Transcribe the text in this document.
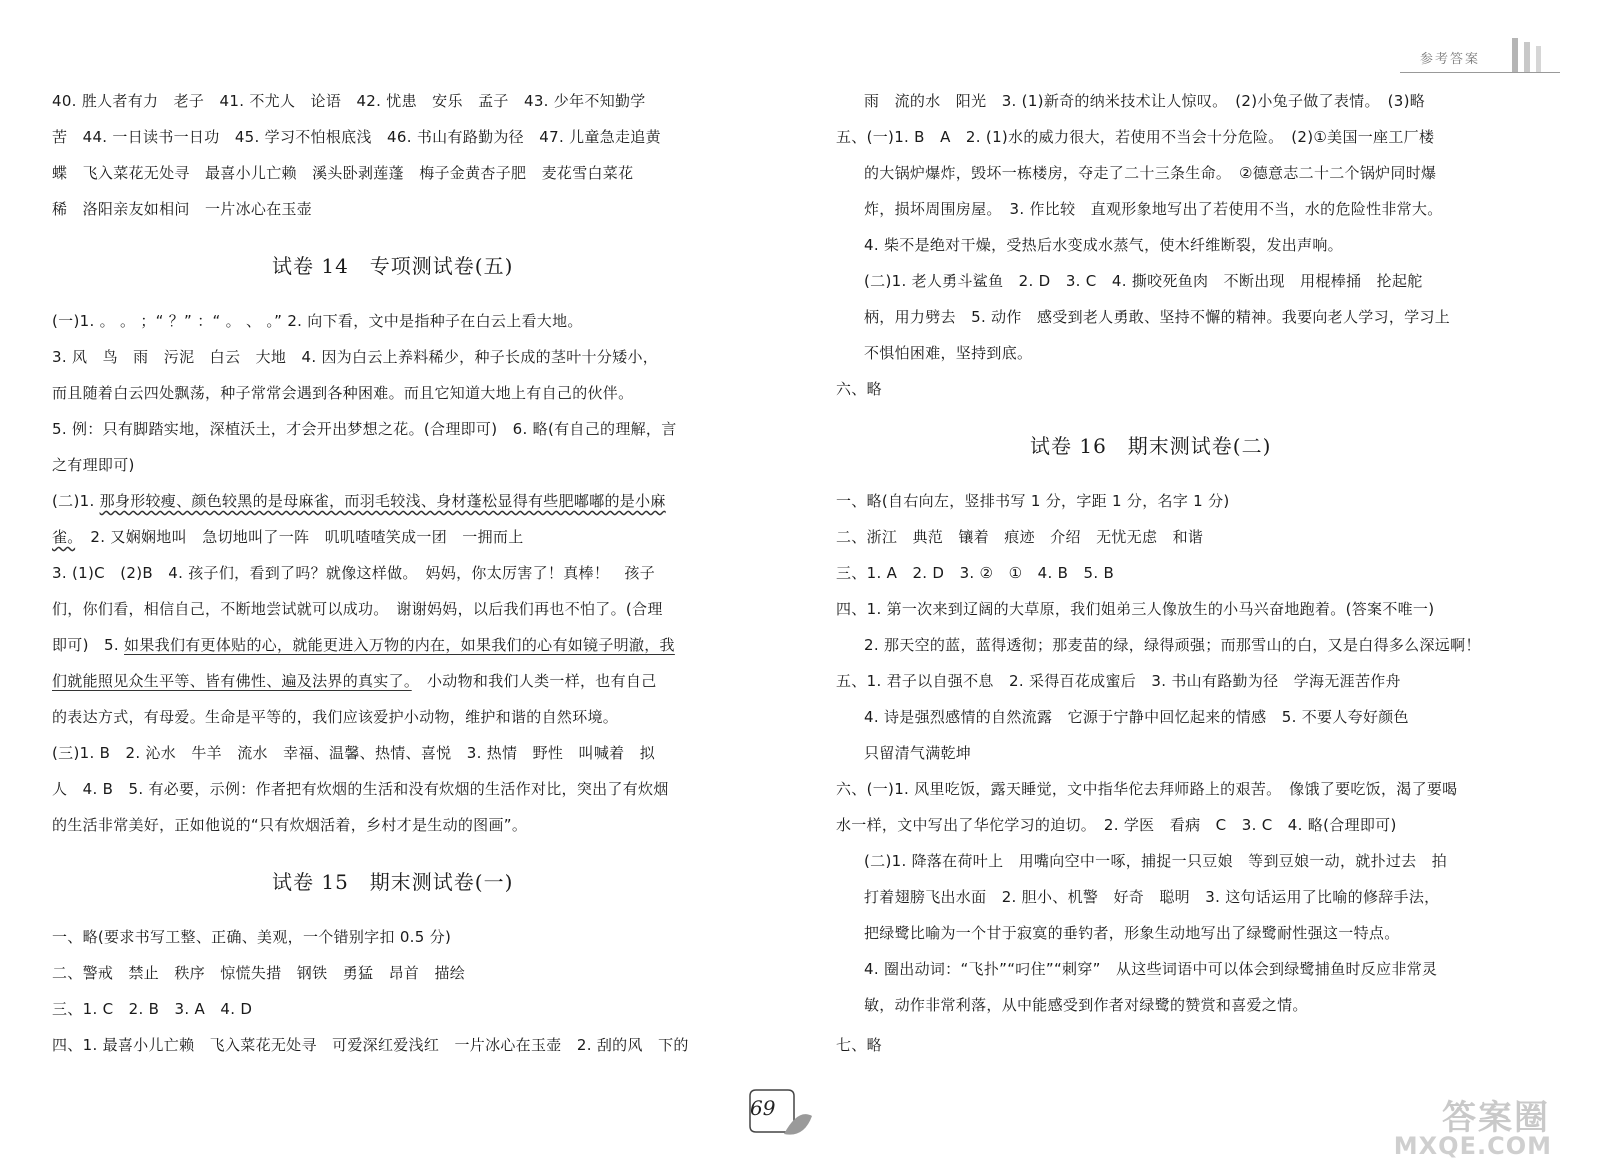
参考答案
40. 胜人者有力　老子　41. 不尤人　论语　42. 忧患　安乐　孟子　43. 少年不知勤学
苦　44. 一日读书一日功　45. 学习不怕根底浅　46. 书山有路勤为径　47. 儿童急走追黄
蝶　飞入菜花无处寻　最喜小儿亡赖　溪头卧剥莲蓬　梅子金黄杏子肥　麦花雪白菜花
稀　洛阳亲友如相问　一片冰心在玉壶
试卷 14　专项测试卷(五)
(一)1. 。 。 ；“ ？” ：“ 。 、 。” 2. 向下看，文中是指种子在白云上看大地。
3. 风　鸟　雨　污泥　白云　大地　4. 因为白云上养料稀少，种子长成的茎叶十分矮小，
而且随着白云四处飘荡，种子常常会遇到各种困难。而且它知道大地上有自己的伙伴。
5. 例：只有脚踏实地，深植沃土，才会开出梦想之花。(合理即可)　6. 略(有自己的理解，言
之有理即可)
(二)1. 那身形较瘦、颜色较黑的是母麻雀，而羽毛较浅、身材蓬松显得有些肥嘟嘟的是小麻
雀。　2. 又娴娴地叫　急切地叫了一阵　叽叽喳喳笑成一团　一拥而上
3. (1)C　(2)B　4. 孩子们，看到了吗？就像这样做。　妈妈，你太厉害了！真棒！　孩子
们，你们看，相信自己，不断地尝试就可以成功。　谢谢妈妈，以后我们再也不怕了。(合理
即可)　5. 如果我们有更体贴的心，就能更进入万物的内在，如果我们的心有如镜子明澈，我
们就能照见众生平等、皆有佛性、遍及法界的真实了。　小动物和我们人类一样，也有自己
的表达方式，有母爱。生命是平等的，我们应该爱护小动物，维护和谐的自然环境。
(三)1. B　2. 沁水　牛羊　流水　幸福、温馨、热情、喜悦　3. 热情　野性　叫喊着　拟
人　4. B　5. 有必要，示例：作者把有炊烟的生活和没有炊烟的生活作对比，突出了有炊烟
的生活非常美好，正如他说的“只有炊烟活着，乡村才是生动的图画”。
试卷 15　期末测试卷(一)
一、略(要求书写工整、正确、美观，一个错别字扣 0.5 分)
二、警戒　禁止　秩序　惊慌失措　钢铁　勇猛　昂首　描绘
三、1. C　2. B　3. A　4. D
四、1. 最喜小儿亡赖　飞入菜花无处寻　可爱深红爱浅红　一片冰心在玉壶　2. 刮的风　下的
雨　流的水　阳光　3. (1)新奇的纳米技术让人惊叹。　(2)小兔子做了表情。　(3)略
五、(一)1. B　A　2. (1)水的威力很大，若使用不当会十分危险。　(2)①美国一座工厂楼
的大锅炉爆炸，毁坏一栋楼房，夺走了二十三条生命。　②德意志二十二个锅炉同时爆
炸，损坏周围房屋。　3. 作比较　直观形象地写出了若使用不当，水的危险性非常大。
4. 柴不是绝对干燥，受热后水变成水蒸气，使木纤维断裂，发出声响。
(二)1. 老人勇斗鲨鱼　2. D　3. C　4. 撕咬死鱼肉　不断出现　用棍棒捅　抡起舵
柄，用力劈去　5. 动作　感受到老人勇敢、坚持不懈的精神。我要向老人学习，学习上
不惧怕困难，坚持到底。
六、略
试卷 16　期末测试卷(二)
一、略(自右向左，竖排书写 1 分，字距 1 分，名字 1 分)
二、浙江　典范　镶着　痕迹　介绍　无忧无虑　和谐
三、1. A　2. D　3. ②　①　4. B　5. B
四、1. 第一次来到辽阔的大草原，我们姐弟三人像放生的小马兴奋地跑着。(答案不唯一)
2. 那天空的蓝，蓝得透彻；那麦苗的绿，绿得顽强；而那雪山的白，又是白得多么深远啊！
五、1. 君子以自强不息　2. 采得百花成蜜后　3. 书山有路勤为径　学海无涯苦作舟
4. 诗是强烈感情的自然流露　它源于宁静中回忆起来的情感　5. 不要人夸好颜色
只留清气满乾坤
六、(一)1. 风里吃饭，露天睡觉，文中指华佗去拜师路上的艰苦。　像饿了要吃饭，渴了要喝
水一样，文中写出了华佗学习的迫切。　2. 学医　看病　C　3. C　4. 略(合理即可)
(二)1. 降落在荷叶上　用嘴向空中一啄，捕捉一只豆娘　等到豆娘一动，就扑过去　拍
打着翅膀飞出水面　2. 胆小、机警　好奇　聪明　3. 这句话运用了比喻的修辞手法，
把绿鹭比喻为一个甘于寂寞的垂钓者，形象生动地写出了绿鹭耐性强这一特点。
4. 圈出动词：“飞扑”“叼住”“刺穿”　从这些词语中可以体会到绿鹭捕鱼时反应非常灵
敏，动作非常利落，从中能感受到作者对绿鹭的赞赏和喜爱之情。
七、略
69	答案圈
MXQE.COM
